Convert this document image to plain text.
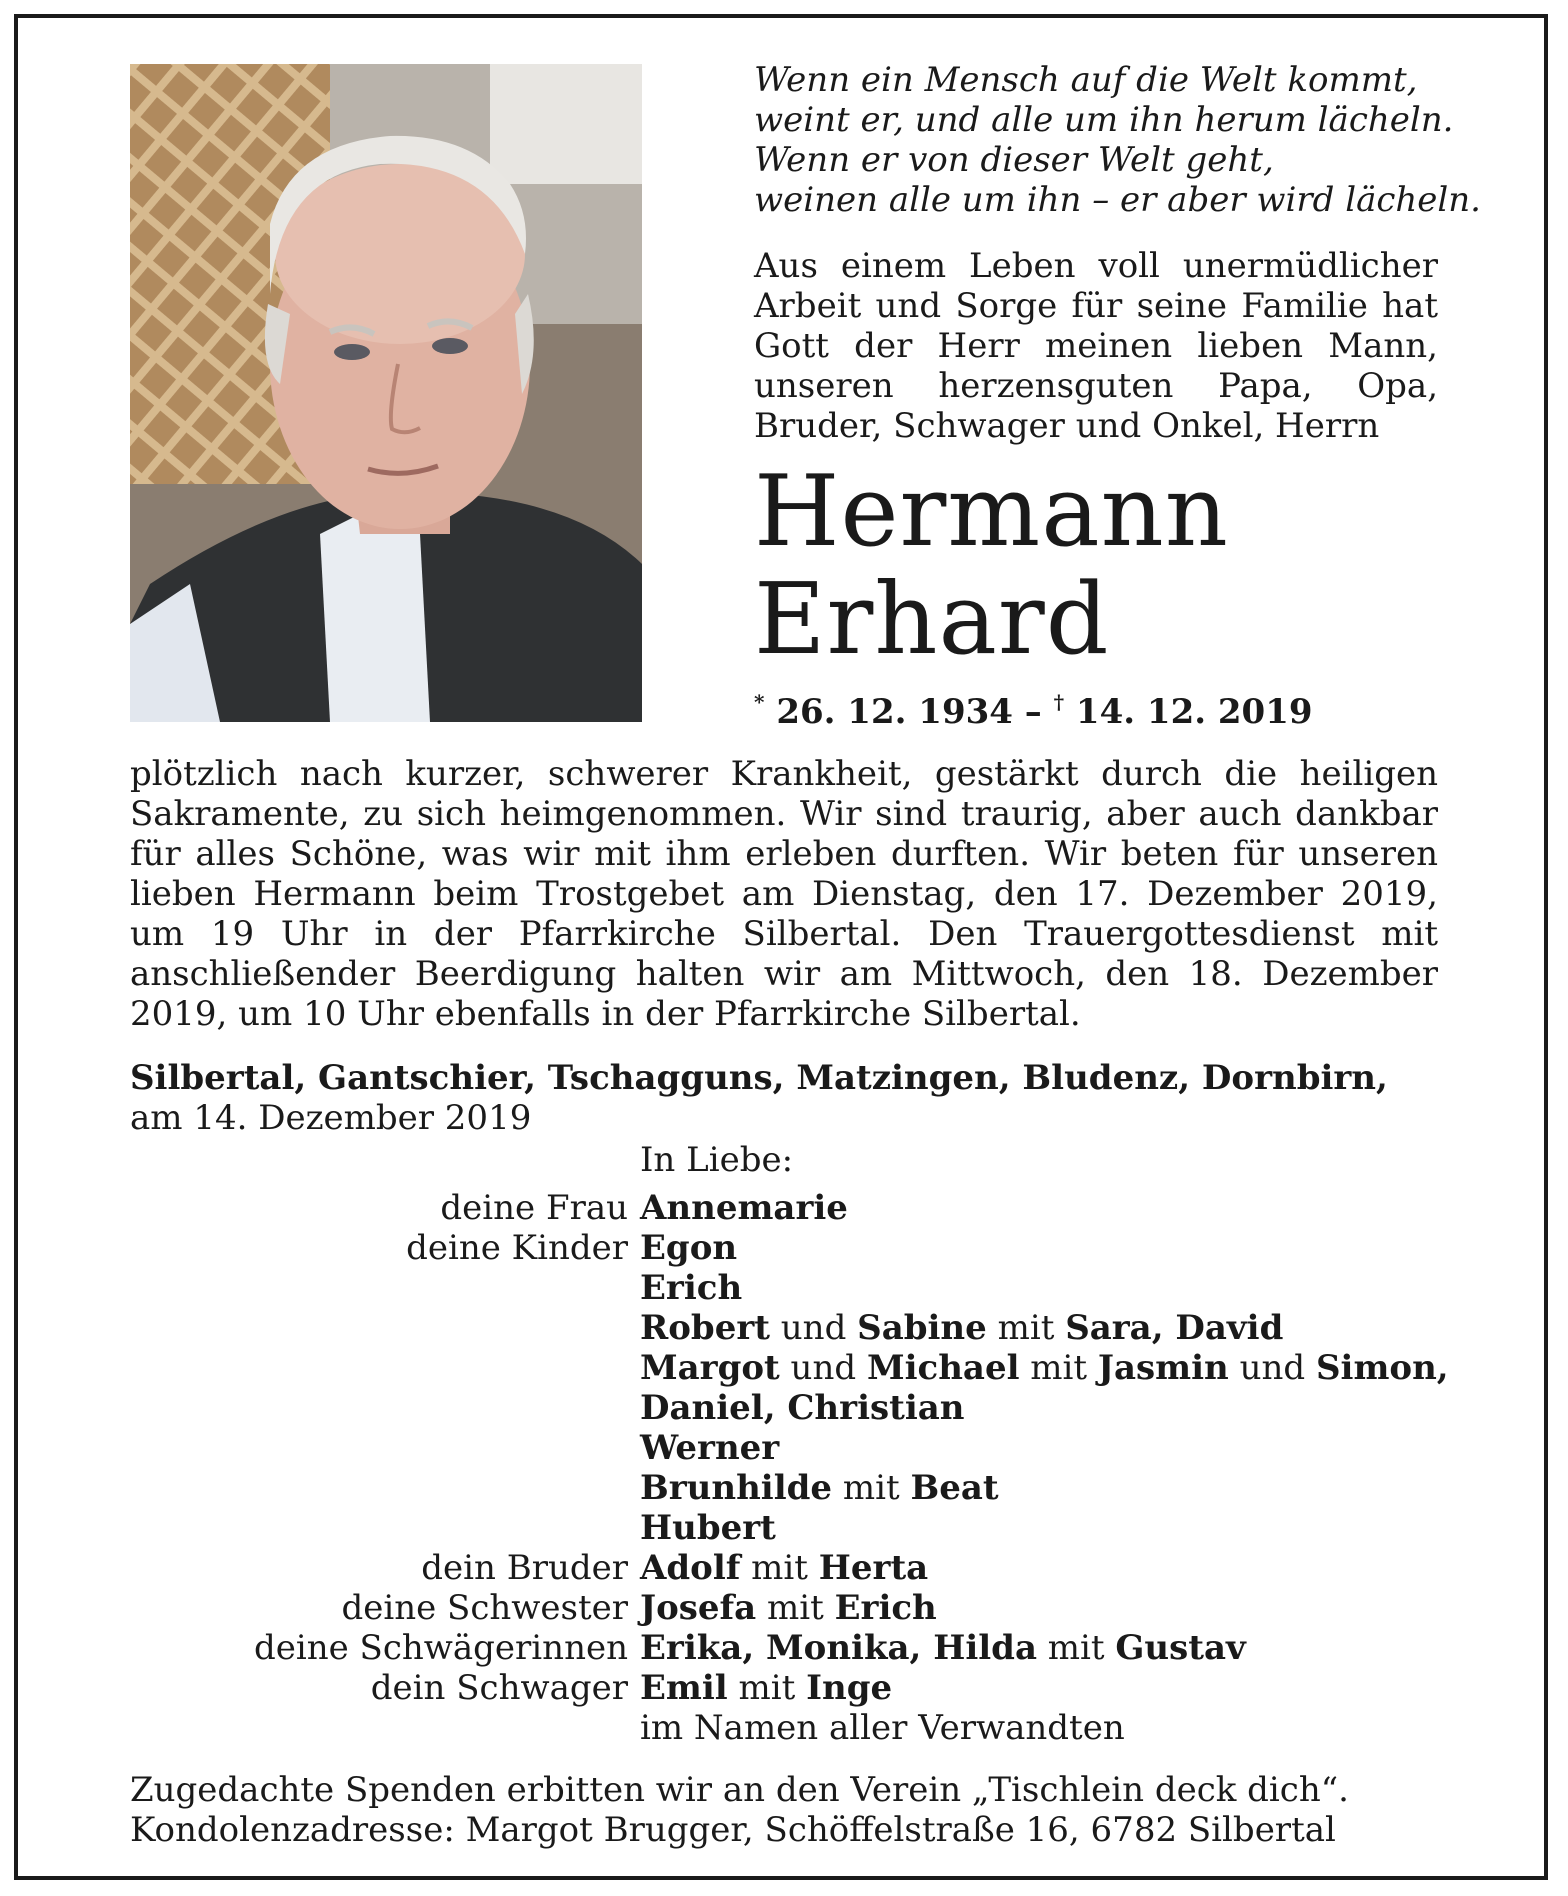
Wenn ein Mensch auf die Welt kommt,
weint er, und alle um ihn herum lächeln.
Wenn er von dieser Welt geht,
weinen alle um ihn – er aber wird lächeln.
Aus einem Leben voll unermüdlicher Arbeit und Sorge für seine Familie hat Gott der Herr meinen lieben Mann, unseren herzensguten Papa, Opa, Bruder, Schwager und Onkel, Herrn
Hermann
Erhard
* 26. 12. 1934 – † 14. 12. 2019
plötzlich nach kurzer, schwerer Krankheit, gestärkt durch die heiligen Sakramente, zu sich heimgenommen. Wir sind traurig, aber auch dankbar für alles Schöne, was wir mit ihm erleben durften. Wir beten für unseren lieben Hermann beim Trostgebet am Dienstag, den 17. Dezember 2019, um 19 Uhr in der Pfarrkirche Silbertal. Den Trauergottesdienst mit anschließender Beerdigung halten wir am Mittwoch, den 18. Dezember 2019, um 10 Uhr ebenfalls in der Pfarrkirche Silbertal.
Silbertal, Gantschier, Tschagguns, Matzingen, Bludenz, Dornbirn,
am 14. Dezember 2019
In Liebe:
deine Frau Annemarie
deine Kinder Egon
Erich
Robert und Sabine mit Sara, David
Margot und Michael mit Jasmin und Simon,
Daniel, Christian
Werner
Brunhilde mit Beat
Hubert
dein Bruder Adolf mit Herta
deine Schwester Josefa mit Erich
deine Schwägerinnen Erika, Monika, Hilda mit Gustav
dein Schwager Emil mit Inge
im Namen aller Verwandten
Zugedachte Spenden erbitten wir an den Verein „Tischlein deck dich“.
Kondolenzadresse: Margot Brugger, Schöffelstraße 16, 6782 Silbertal
